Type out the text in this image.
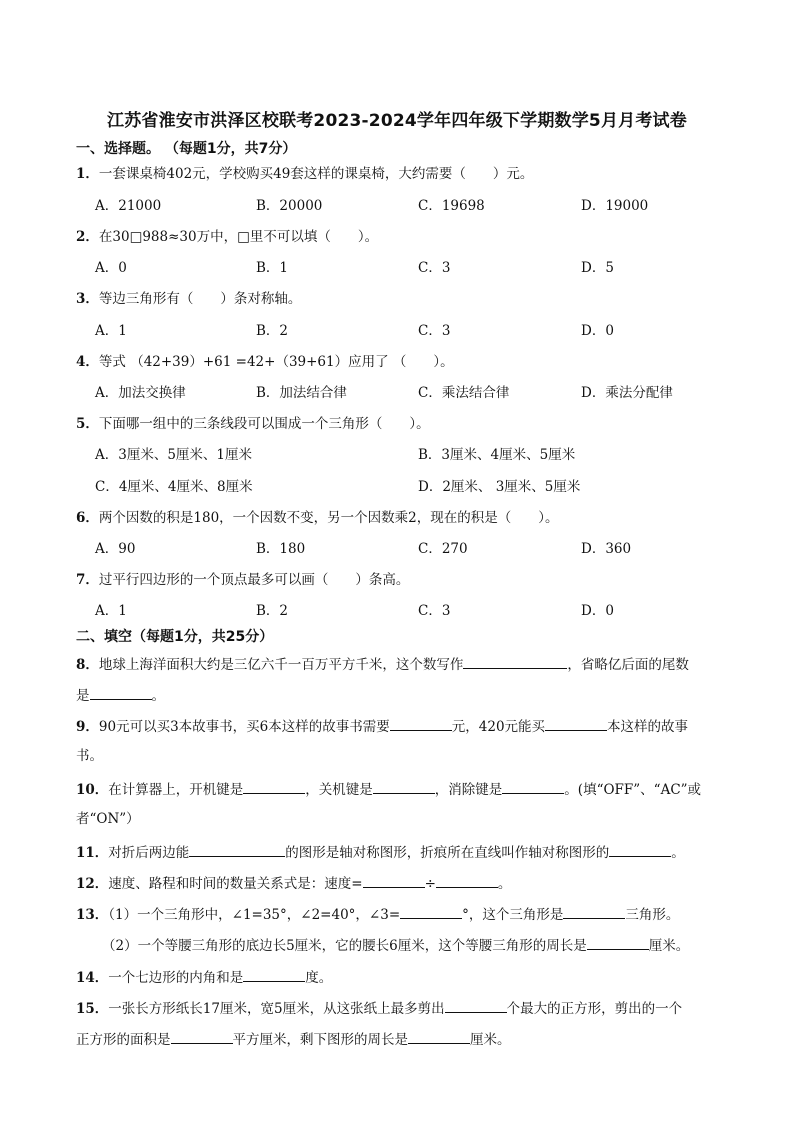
江苏省淮安市洪泽区校联考2023-2024学年四年级下学期数学5月月考试卷
一、选择题。 （每题1分，共7分）
1．一套课桌椅402元，学校购买49套这样的课桌椅，大约需要（　　）元。
A．21000	B．20000	C．19698	D．19000
2．在30□988≈30万中，□里不可以填（　　）。
A．0	B．1	C．3	D．5
3．等边三角形有（　　）条对称轴。
A．1	B．2	C．3	D．0
4．等式 （42+39）+61 =42+（39+61）应用了 （　　）。
A．加法交换律	B．加法结合律	C．乘法结合律	D．乘法分配律
5．下面哪一组中的三条线段可以围成一个三角形（　　）。
A．3厘米、5厘米、1厘米	B．3厘米、4厘米、5厘米
C．4厘米、4厘米、8厘米	D．2厘米、 3厘米、5厘米
6．两个因数的积是180，一个因数不变，另一个因数乘2，现在的积是（　　）。
A．90	B．180	C．270	D．360
7．过平行四边形的一个顶点最多可以画（　　）条高。
A．1	B．2	C．3	D．0
二、填空（每题1分，共25分）
8．地球上海洋面积大约是三亿六千一百万平方千米，这个数写作	，省略亿后面的尾数
是	。
9．90元可以买3本故事书，买6本这样的故事书需要	元，420元能买	本这样的故事
书。
10．在计算器上，开机键是	，关机键是	，消除键是	。(填“OFF”、“AC”或
者“ON”）
11．对折后两边能	的图形是轴对称图形，折痕所在直线叫作轴对称图形的	。
12．速度、路程和时间的数量关系式是：速度=	÷	。
13．（1）一个三角形中，∠1=35°，∠2=40°，∠3=	°，这个三角形是	三角形。
（2）一个等腰三角形的底边长5厘米，它的腰长6厘米，这个等腰三角形的周长是	厘米。
14．一个七边形的内角和是	度。
15．一张长方形纸长17厘米，宽5厘米，从这张纸上最多剪出	个最大的正方形，剪出的一个
正方形的面积是	平方厘米，剩下图形的周长是	厘米。
